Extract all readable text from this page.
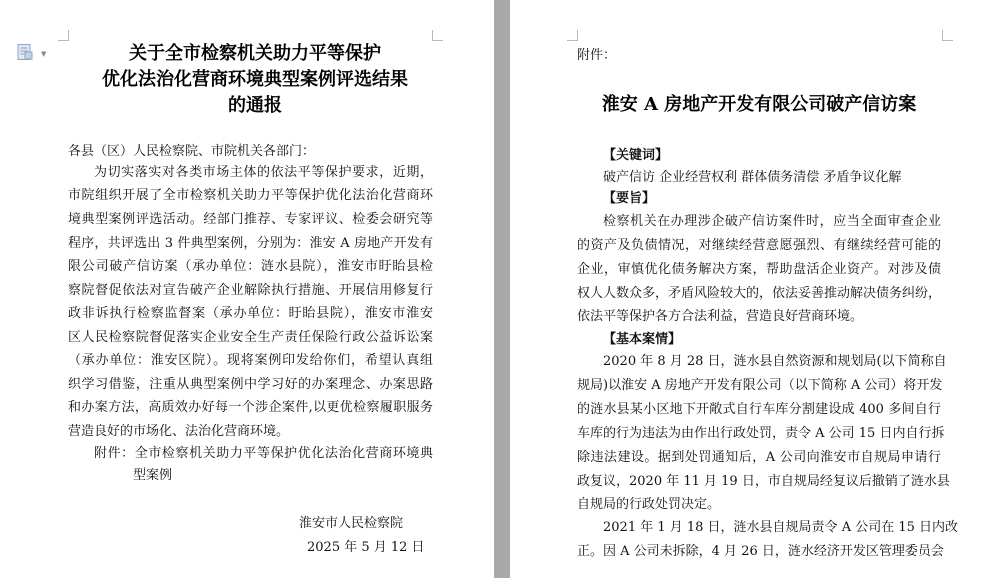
▼	关于全市检察机关助力平等保护
优化法治化营商环境典型案例评选结果
的通报
各县（区）人民检察院、市院机关各部门：
为切实落实对各类市场主体的依法平等保护要求，近期，
市院组织开展了全市检察机关助力平等保护优化法治化营商环
境典型案例评选活动。经部门推荐、专家评议、检委会研究等
程序，共评选出 3 件典型案例，分别为：淮安 A 房地产开发有
限公司破产信访案（承办单位：涟水县院），淮安市盱眙县检
察院督促依法对宣告破产企业解除执行措施、开展信用修复行
政非诉执行检察监督案（承办单位：盱眙县院），淮安市淮安
区人民检察院督促落实企业安全生产责任保险行政公益诉讼案
（承办单位：淮安区院）。现将案例印发给你们，希望认真组
织学习借鉴，注重从典型案例中学习好的办案理念、办案思路
和办案方法，高质效办好每一个涉企案件,以更优检察履职服务
营造良好的市场化、法治化营商环境。
附件：全市检察机关助力平等保护优化法治化营商环境典
型案例
淮安市人民检察院
2025 年 5 月 12 日
附件：
淮安 A 房地产开发有限公司破产信访案
【关键词】
破产信访 企业经营权利 群体债务清偿 矛盾争议化解
【要旨】
检察机关在办理涉企破产信访案件时，应当全面审查企业
的资产及负债情况，对继续经营意愿强烈、有继续经营可能的
企业，审慎优化债务解决方案，帮助盘活企业资产。对涉及债
权人人数众多，矛盾风险较大的，依法妥善推动解决债务纠纷，
依法平等保护各方合法利益，营造良好营商环境。
【基本案情】
2020 年 8 月 28 日，涟水县自然资源和规划局(以下简称自
规局)以淮安 A 房地产开发有限公司（以下简称 A 公司）将开发
的涟水县某小区地下开敞式自行车库分割建设成 400 多间自行
车库的行为违法为由作出行政处罚，责令 A 公司 15 日内自行拆
除违法建设。据到处罚通知后，A 公司向淮安市自规局申请行
政复议，2020 年 11 月 19 日，市自规局经复议后撤销了涟水县
自规局的行政处罚决定。
2021 年 1 月 18 日，涟水县自规局责令 A 公司在 15 日内改
正。因 A 公司未拆除，4 月 26 日，涟水经济开发区管理委员会
